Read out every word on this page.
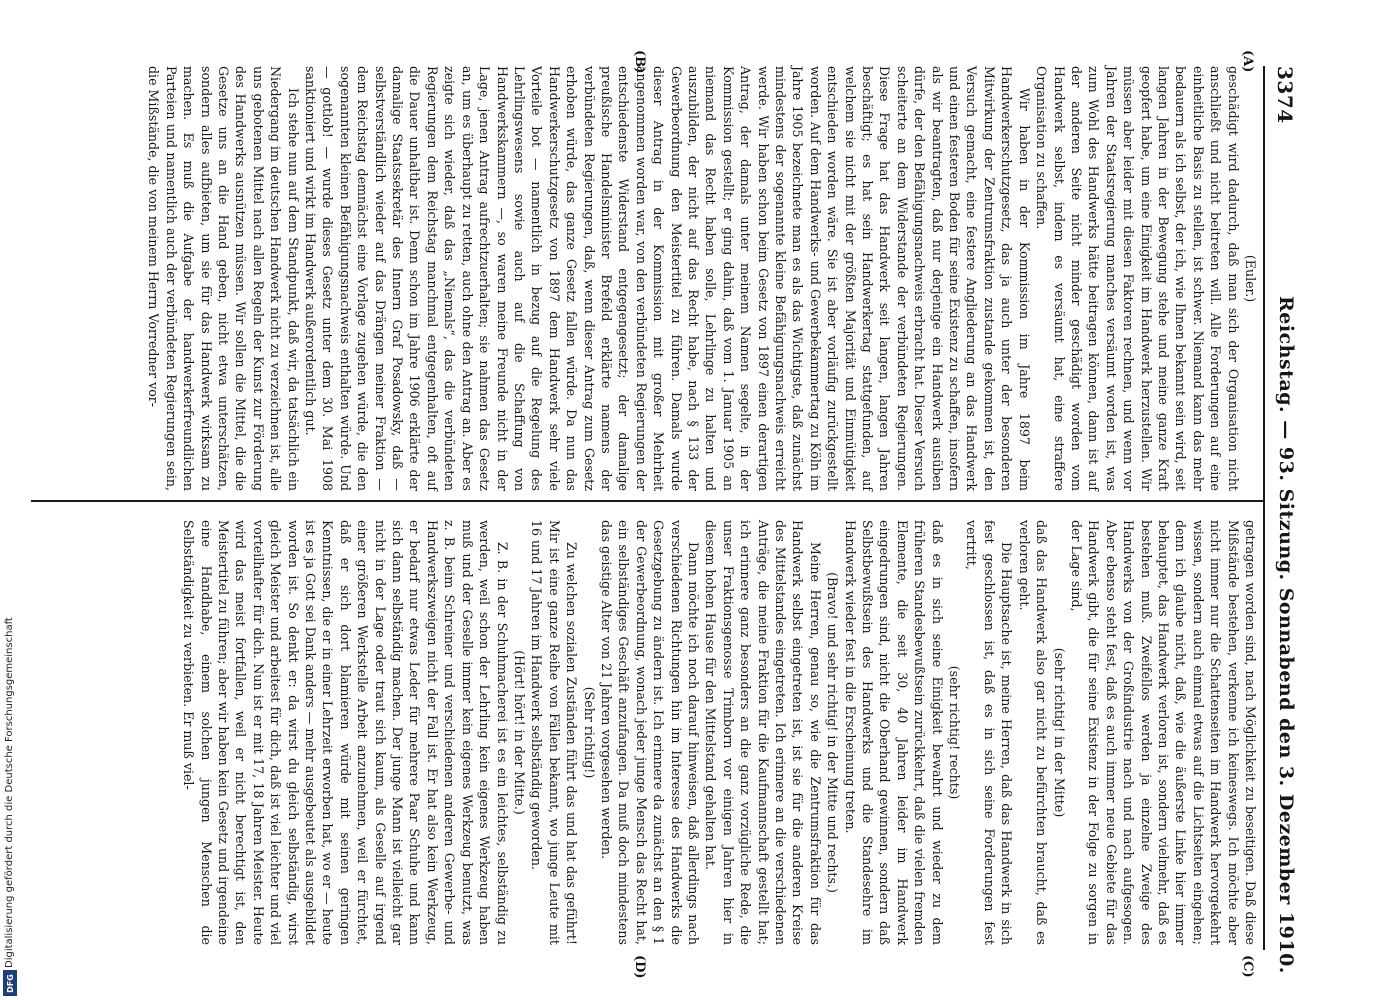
Digitalisierung gefördert durch die Deutsche Forschungsgemeinschaft
DFG
3374
Reichstag. — 93. Sitzung. Sonnabend den 3. Dezember 1910.
(A)
(B)
(C)
(D)

(Euler.)

geschädigt wird dadurch, daß man sich der Organisation nicht anschließt und nicht beitreten will. Alle Forderungen auf eine einheitliche Basis zu stellen, ist schwer. Niemand kann das mehr bedauern als ich selbst, der ich, wie Ihnen bekannt sein wird, seit langen Jahren in der Bewegung stehe und meine ganze Kraft geopfert habe, um eine Einigkeit im Handwerk herzustellen. Wir müssen aber leider mit diesen Faktoren rechnen, und wenn vor Jahren der Staatsregierung manches versäumt worden ist, was zum Wohl des Handwerks hätte beitragen können, dann ist auf der anderen Seite nicht minder geschädigt worden vom Handwerk selbst, indem es versäumt hat, eine straffere Organisation zu schaffen.

Wir haben in der Kommission im Jahre 1897 beim Handwerkerschutzgesetz, das ja auch unter der besonderen Mitwirkung der Zentrumsfraktion zustande gekommen ist, den Versuch gemacht, eine festere Angliederung an das Handwerk und einen festeren Boden für seine Existenz zu schaffen, insofern als wir beantragten, daß nur derjenige ein Handwerk ausüben dürfe, der den Befähigungsnachweis erbracht hat. Dieser Versuch scheiterte an dem Widerstande der verbündeten Regierungen. Diese Frage hat das Handwerk seit langen, langen Jahren beschäftigt; es hat sein Handwerkertag stattgefunden, auf welchem sie nicht mit der größten Majorität und Einmütigkeit entschieden worden wäre. Sie ist aber vorläufig zurückgestellt worden. Auf dem Handwerks- und Gewerbekammertag zu Köln im Jahre 1905 bezeichnete man es als das Wichtigste, daß zunächst mindestens der sogenannte kleine Befähigungsnachweis erreicht werde. Wir haben schon beim Gesetz von 1897 einen derartigen Antrag, der damals unter meinem Namen segelte, in der Kommission gestellt; er ging dahin, daß vom 1. Januar 1905 an niemand das Recht haben solle, Lehrlinge zu halten und auszubilden, der nicht auf das Recht habe, nach § 133 der Gewerbeordnung den Meistertitel zu führen. Damals wurde dieser Antrag in der Kommission mit großer Mehrheit angenommen worden war, von den verbündeten Regierungen der entschiedenste Widerstand entgegengesetzt; der damalige preußische Handelsminister Brefeld erklärte namens der verbündeten Regierungen, daß, wenn dieser Antrag zum Gesetz erhoben würde, das ganze Gesetz fallen würde. Da nun das Handwerkerschutzgesetz von 1897 dem Handwerk sehr viele Vorteile bot — namentlich in bezug auf die Regelung des Lehrlingswesens sowie auch auf die Schaffung von Handwerkskammern —, so waren meine Freunde nicht in der Lage, jenen Antrag aufrechtzuerhalten; sie nahmen das Gesetz an, um es überhaupt zu retten, auch ohne den Antrag an. Aber es zeigte sich wieder, daß das „Niemals“, das die verbündeten Regierungen dem Reichstag manchmal entgegenhalten, oft auf die Dauer unhaltbar ist. Denn schon im Jahre 1906 erklärte der damalige Staatssekretär des Innern Graf Posadowsky, daß — selbstverständlich wieder auf das Drängen meiner Fraktion — dem Reichstag demnächst eine Vorlage zugehen würde, die den sogenannten kleinen Befähigungsnachweis enthalten würde. Und — gottlob! — wurde dieses Gesetz unter dem 30. Mai 1908 sanktioniert und wirkt im Handwerk außerordentlich gut.

Ich stehe nun auf dem Standpunkt, daß wir, da tatsächlich ein Niedergang im deutschen Handwerk nicht zu verzeichnen ist, alle uns gebotenen Mittel nach allen Regeln der Kunst zur Förderung des Handwerks ausnützen müssen. Wir sollen die Mittel, die die Gesetze uns an die Hand geben, nicht etwa unterschätzen, sondern alles aufbieten, um sie für das Handwerk wirksam zu machen. Es muß die Aufgabe der handwerkerfreundlichen Parteien und namentlich auch der verbündeten Regierungen sein, die Mißstände, die von meinem Herrn Vorredner vor-

getragen worden sind, nach Möglichkeit zu beseitigen. Daß diese Mißstände bestehen, verkenne ich keineswegs. Ich möchte aber nicht immer nur die Schattenseiten im Handwerk hervorgekehrt wissen, sondern auch einmal etwas auf die Lichtseiten eingehen; denn ich glaube nicht, daß, wie die äußerste Linke hier immer behauptet, das Handwerk verloren ist, sondern vielmehr, daß es bestehen muß. Zweifellos werden ja einzelne Zweige des Handwerks von der Großindustrie nach und nach aufgesogen. Aber ebenso steht fest, daß es auch immer neue Gebiete für das Handwerk gibt, die für seine Existenz in der Folge zu sorgen in der Lage sind,

(sehr richtig! in der Mitte)

daß das Handwerk also gar nicht zu befürchten braucht, daß es verloren geht.

Die Hauptsache ist, meine Herren, daß das Handwerk in sich fest geschlossen ist, daß es in sich seine Forderungen fest vertritt,

(sehr richtig! rechts)

daß es in sich seine Einigkeit bewahrt und wieder zu dem früheren Standesbewußtsein zurückkehrt, daß die vielen fremden Elemente, die seit 30, 40 Jahren leider im Handwerk eingedrungen sind, nicht die Oberhand gewinnen, sondern daß Selbstbewußtsein des Handwerks und die Standesehre im Handwerk wieder fest in die Erscheinung treten.

(Bravo! und sehr richtig! in der Mitte und rechts.)

Meine Herren, genau so, wie die Zentrumsfraktion für das Handwerk selbst eingetreten ist, ist sie für die anderen Kreise des Mittelstandes eingetreten. Ich erinnere an die verschiedenen Anträge, die meine Fraktion für die Kaufmannschaft gestellt hat; ich erinnere ganz besonders an die ganz vorzügliche Rede, die unser Fraktionsgenosse Trimborn vor einigen Jahren hier in diesem hohen Hause für den Mittelstand gehalten hat.

Dann möchte ich noch darauf hinweisen, daß allerdings nach verschiedenen Richtungen hin im Interesse des Handwerks die Gesetzgebung zu ändern ist. Ich erinnere da zunächst an den § 1 der Gewerbeordnung, wonach jeder junge Mensch das Recht hat, ein selbständiges Geschäft anzufangen. Da muß doch mindestens das geistige Alter von 21 Jahren vorgesehen werden.

(Sehr richtig!)

Zu welchen sozialen Zuständen führt das und hat das geführt! Mir ist eine ganze Reihe von Fällen bekannt, wo junge Leute mit 16 und 17 Jahren im Handwerk selbständig geworden.

(Hört! hört! in der Mitte.)

Z. B. in der Schuhmacherei ist es ein leichtes, selbständig zu werden, weil schon der Lehrling kein eigenes Werkzeug haben muß und der Geselle immer kein eigenes Werkzeug benutzt, was z. B. beim Schreiner und verschiedenen anderen Gewerbe- und Handwerkszweigen nicht der Fall ist. Er hat also kein Werkzeug, er bedarf nur etwas Leder für mehrere Paar Schuhe und kann sich dann selbständig machen. Der junge Mann ist vielleicht gar nicht in der Lage oder traut sich kaum, als Geselle auf irgend einer größeren Werkstelle Arbeit anzunehmen, weil er fürchtet, daß er sich dort blamieren würde mit seinen geringen Kenntnissen, die er in einer Lehrzeit erworben hat, wo er — heute ist es ja Gott sei Dank anders — mehr ausgebeutet als ausgebildet worden ist. So denkt er: da wirst du gleich selbständig, wirst gleich Meister und arbeitest für dich, daß ist viel leichter und viel vorteilhafter für dich. Nun ist er mit 17, 18 Jahren Meister. Heute wird das meist fortfallen, weil er nicht berechtigt ist, den Meistertitel zu führen; aber wir haben kein Gesetz und irgendeine eine Handhabe, einem solchen jungen Menschen die Selbständigkeit zu verbieten. Er muß viel-
